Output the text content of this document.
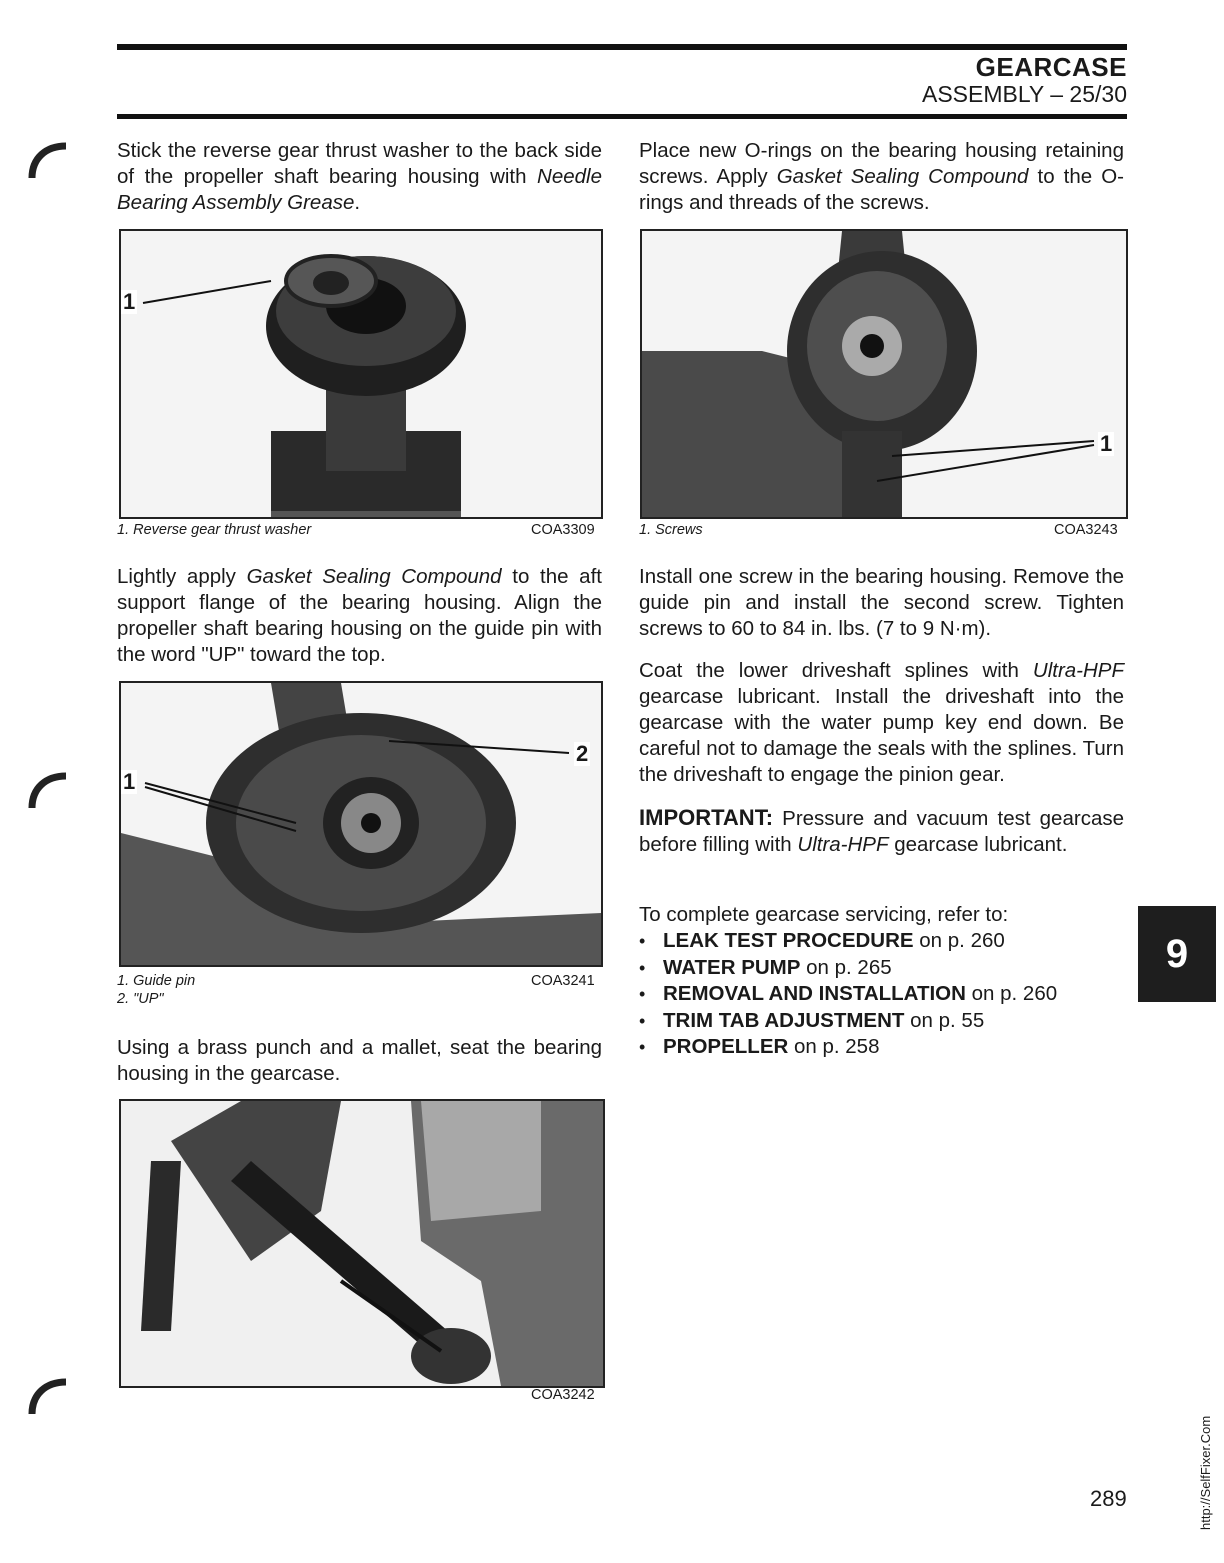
GEARCASE
ASSEMBLY – 25/30

Stick the reverse gear thrust washer to the back side of the propeller shaft bearing housing with Needle Bearing Assembly Grease.

1
1. Reverse gear thrust washer	COA3309

Lightly apply Gasket Sealing Compound to the aft support flange of the bearing housing. Align the propeller shaft bearing housing on the guide pin with the word "UP" toward the top.

1
2
1. Guide pin
2. "UP"
COA3241

Using a brass punch and a mallet, seat the bearing housing in the gearcase.

COA3242

Place new O-rings on the bearing housing retaining screws. Apply Gasket Sealing Compound to the O-rings and threads of the screws.

1
1. Screws	COA3243

Install one screw in the bearing housing. Remove the guide pin and install the second screw. Tighten screws to 60 to 84 in. lbs. (7 to 9 N·m).

Coat the lower driveshaft splines with Ultra-HPF gearcase lubricant. Install the driveshaft into the gearcase with the water pump key end down. Be careful not to damage the seals with the splines. Turn the driveshaft to engage the pinion gear.

IMPORTANT: Pressure and vacuum test gearcase before filling with Ultra-HPF gearcase lubricant.

To complete gearcase servicing, refer to:

• LEAK TEST PROCEDURE on p. 260
• WATER PUMP on p. 265
• REMOVAL AND INSTALLATION on p. 260
• TRIM TAB ADJUSTMENT on p. 55
• PROPELLER on p. 258
9
http://SelfFixer.Com
289
